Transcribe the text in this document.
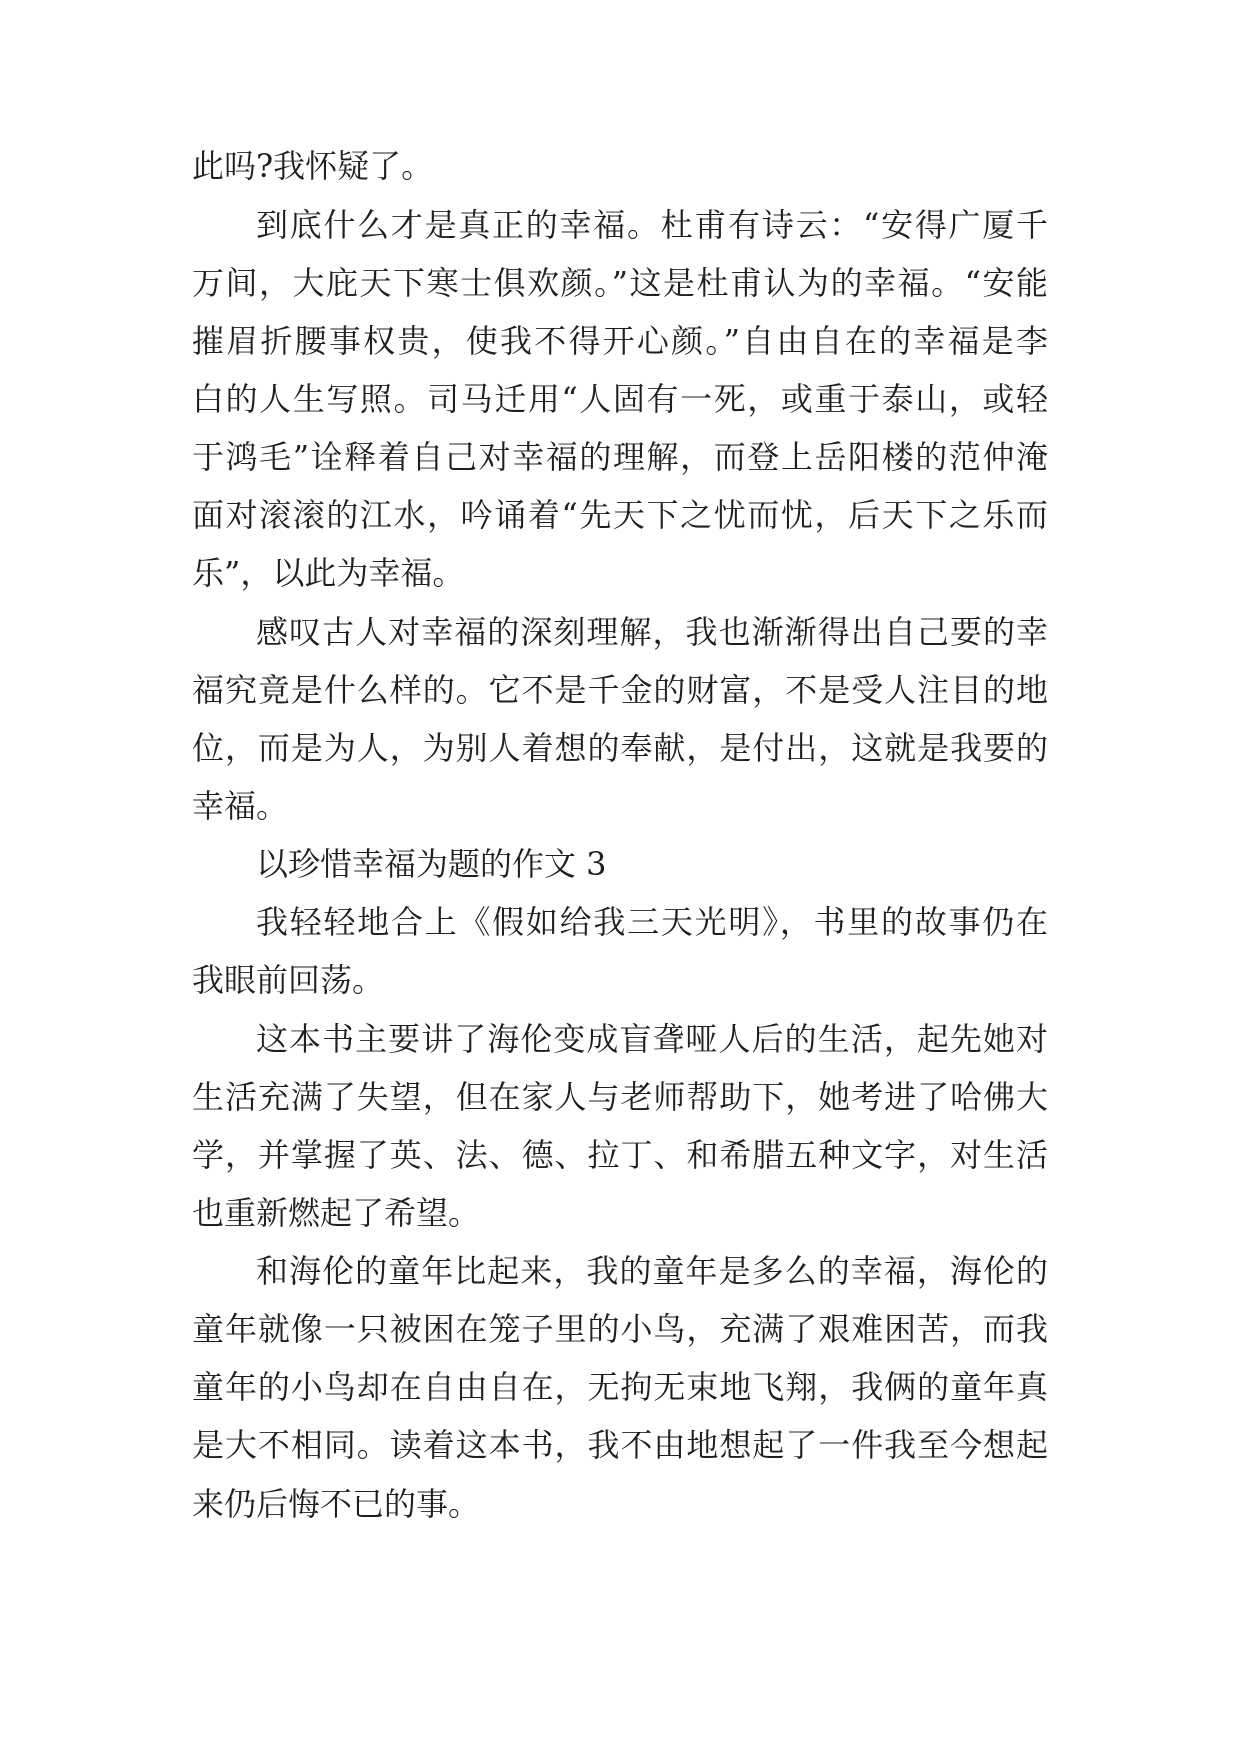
此吗?我怀疑了。

到底什么才是真正的幸福。杜甫有诗云：“安得广厦千

万间，大庇天下寒士俱欢颜。”这是杜甫认为的幸福。“安能

摧眉折腰事权贵，使我不得开心颜。”自由自在的幸福是李

白的人生写照。司马迁用“人固有一死，或重于泰山，或轻

于鸿毛”诠释着自己对幸福的理解，而登上岳阳楼的范仲淹

面对滚滚的江水，吟诵着“先天下之忧而忧，后天下之乐而

乐”，以此为幸福。

感叹古人对幸福的深刻理解，我也渐渐得出自己要的幸

福究竟是什么样的。它不是千金的财富，不是受人注目的地

位，而是为人，为别人着想的奉献，是付出，这就是我要的

幸福。

以珍惜幸福为题的作文 3

我轻轻地合上《假如给我三天光明》，书里的故事仍在

我眼前回荡。

这本书主要讲了海伦变成盲聋哑人后的生活，起先她对

生活充满了失望，但在家人与老师帮助下，她考进了哈佛大

学，并掌握了英、法、德、拉丁、和希腊五种文字，对生活

也重新燃起了希望。

和海伦的童年比起来，我的童年是多么的幸福，海伦的

童年就像一只被困在笼子里的小鸟，充满了艰难困苦，而我

童年的小鸟却在自由自在，无拘无束地飞翔，我俩的童年真

是大不相同。读着这本书，我不由地想起了一件我至今想起

来仍后悔不已的事。
